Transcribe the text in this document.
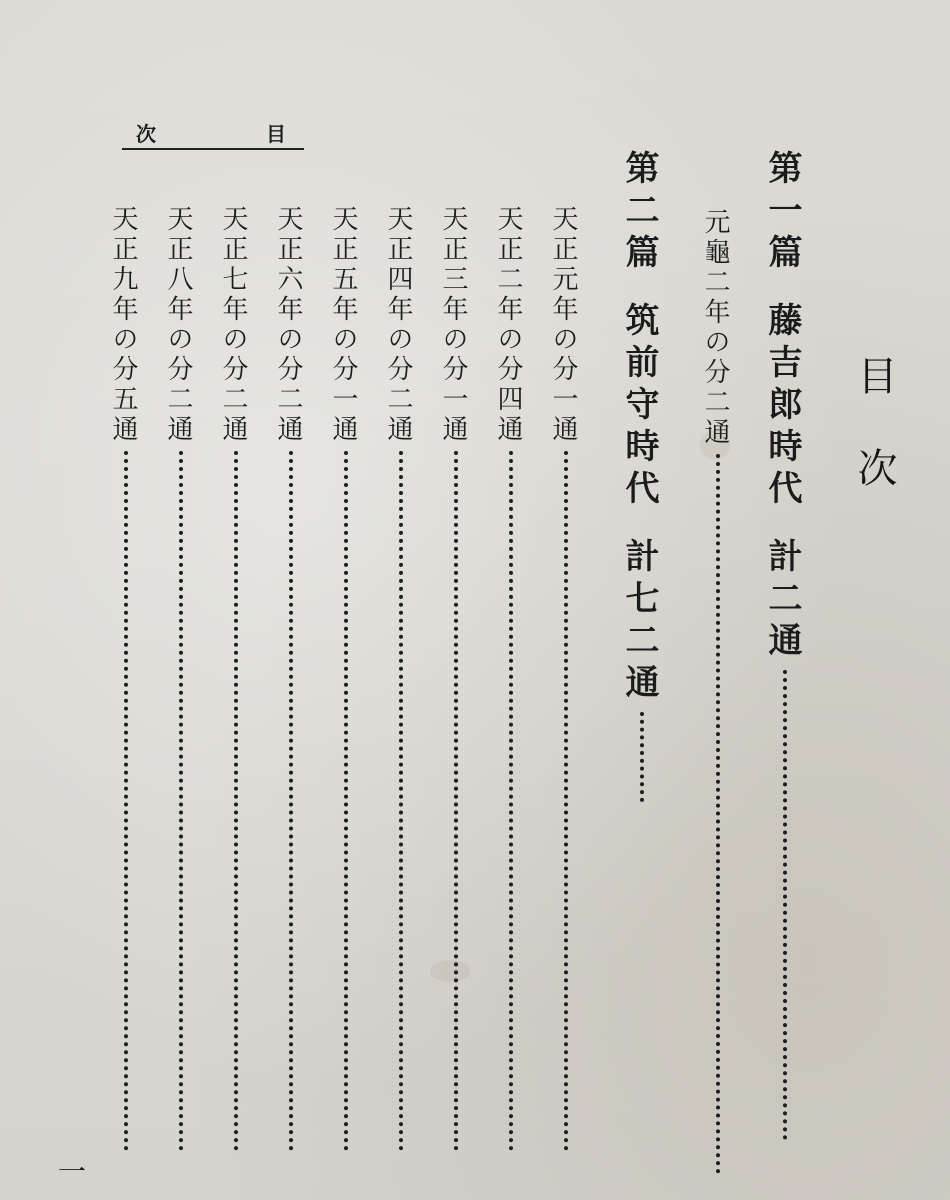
次	目
目次
第一篇
藤吉郎時代
計二通
元龜二年の分二通
第二篇
筑前守時代
計七二通
天正元年の分一通
天正二年の分四通
天正三年の分一通
天正四年の分二通
天正五年の分一通
天正六年の分二通
天正七年の分二通
天正八年の分二通
天正九年の分五通
一
